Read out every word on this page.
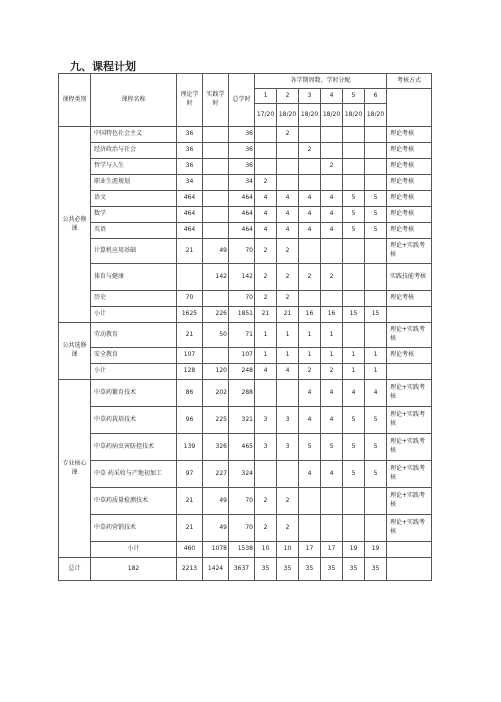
九、课程计划
课程类别	课程名称	理论学时	实践学时	总学时	各学期周数、学时分配						考核方式
					1	2	3	4	5	6	
					17/20	18/20	18/20	18/20	18/20	18/20	
公共必修课	中国特色社会主义	36		36		2					理论考核
	经济政治与社会	36		36			2				理论考核
	哲学与人生	36		36				2			理论考核
	职业生涯规划	34		34	2						理论考核
	语文	464		464	4	4	4	4	5	5	理论考核
	数学	464		464	4	4	4	4	5	5	理论考核
	英语	464		464	4	4	4	4	5	5	理论考核
	计算机应用基础	21	49	70	2	2					理论+实践考核
	体育与健康		142	142	2	2	2	2			实践技能考核
	历史	70		70	2	2					理论考核
	小计	1625	226	1851	21	21	16	16	15	15	
公共选修课	劳动教育	21	50	71	1	1	1	1			理论+实践考核
	安全教育	107		107	1	1	1	1	1	1	理论考核
	小计	128	120	248	4	4	2	2	1	1	
专业核心课	中草药繁育技术	86	202	288			4	4	4	4	理论+实践考核
	中草药栽培技术	96	225	321	3	3	4	4	5	5	理论+实践考核
	中草药病虫害防控技术	139	326	465	3	3	5	5	5	5	理论+实践考核
	中草 药采收与产地初加工	97	227	324			4	4	5	5	理论+实践考核
	中草药质量检测技术	21	49	70	2	2					理论+实践考核
	中草药营销技术	21	49	70	2	2					理论+实践考核
	小计	460	1078	1538	10	10	17	17	19	19	
总计	182	2213	1424	3637	35	35	35	35	35	35	
